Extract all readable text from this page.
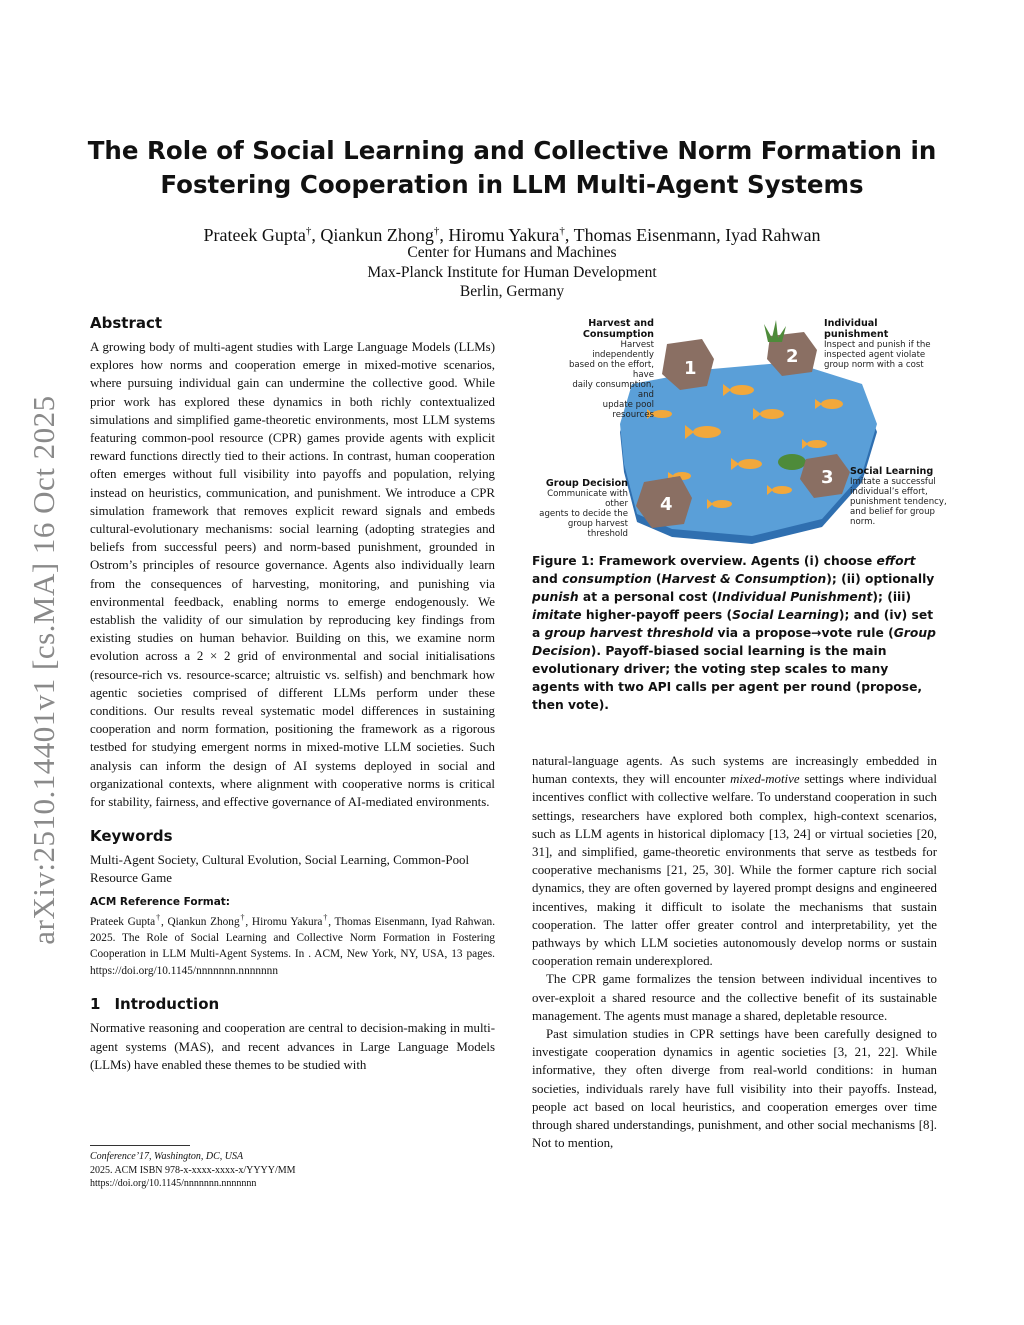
arXiv:2510.14401v1 [cs.MA] 16 Oct 2025
The Role of Social Learning and Collective Norm Formation in
Fostering Cooperation in LLM Multi-Agent Systems
Prateek Gupta†, Qiankun Zhong†, Hiromu Yakura†, Thomas Eisenmann, Iyad Rahwan
Center for Humans and Machines
Max-Planck Institute for Human Development
Berlin, Germany
Abstract

A growing body of multi-agent studies with Large Language Models (LLMs) explores how norms and cooperation emerge in mixed-motive scenarios, where pursuing individual gain can undermine the collective good. While prior work has explored these dynamics in both richly contextualized simulations and simplified game-theoretic environments, most LLM systems featuring common-pool resource (CPR) games provide agents with explicit reward functions directly tied to their actions. In contrast, human cooperation often emerges without full visibility into payoffs and population, relying instead on heuristics, communication, and punishment. We introduce a CPR simulation framework that removes explicit reward signals and embeds cultural-evolutionary mechanisms: social learning (adopting strategies and beliefs from successful peers) and norm-based punishment, grounded in Ostrom’s principles of resource governance. Agents also individually learn from the consequences of harvesting, monitoring, and punishing via environmental feedback, enabling norms to emerge endogenously. We establish the validity of our simulation by reproducing key findings from existing studies on human behavior. Building on this, we examine norm evolution across a 2 × 2 grid of environmental and social initialisations (resource-rich vs. resource-scarce; altruistic vs. selfish) and benchmark how agentic societies comprised of different LLMs perform under these conditions. Our results reveal systematic model differences in sustaining cooperation and norm formation, positioning the framework as a rigorous testbed for studying emergent norms in mixed-motive LLM societies. Such analysis can inform the design of AI systems deployed in social and organizational contexts, where alignment with cooperative norms is critical for stability, fairness, and effective governance of AI-mediated environments.

Keywords

Multi-Agent Society, Cultural Evolution, Social Learning, Common-Pool Resource Game

ACM Reference Format:

Prateek Gupta†, Qiankun Zhong†, Hiromu Yakura†, Thomas Eisenmann, Iyad Rahwan. 2025. The Role of Social Learning and Collective Norm Formation in Fostering Cooperation in LLM Multi-Agent Systems. In . ACM, New York, NY, USA, 13 pages. https://doi.org/10.1145/nnnnnnn.nnnnnnn

1 Introduction

Normative reasoning and cooperation are central to decision-making in multi-agent systems (MAS), and recent advances in Large Language Models (LLMs) have enabled these themes to be studied with

Conference’17, Washington, DC, USA
2025. ACM ISBN 978-x-xxxx-xxxx-x/YYYY/MM
https://doi.org/10.1145/nnnnnnn.nnnnnnn
1
2
3
4
Harvest and
Consumption
Harvest independently
based on the effort, have
daily consumption, and
update pool resources
Individual
punishment
Inspect and punish if the
inspected agent violate
group norm with a cost
Social Learning
Imitate a successful
individual’s effort,
punishment tendency,
and belief for group
norm.
Group Decision
Communicate with other
agents to decide the
group harvest threshold
Figure 1: Framework overview. Agents (i) choose effort and consumption (Harvest & Consumption); (ii) optionally punish at a personal cost (Individual Punishment); (iii) imitate higher-payoff peers (Social Learning); and (iv) set a group harvest threshold via a propose→vote rule (Group Decision). Payoff-biased social learning is the main evolutionary driver; the voting step scales to many agents with two API calls per agent per round (propose, then vote).

natural-language agents. As such systems are increasingly embedded in human contexts, they will encounter mixed-motive settings where individual incentives conflict with collective welfare. To understand cooperation in such settings, researchers have explored both complex, high-context scenarios, such as LLM agents in historical diplomacy [13, 24] or virtual societies [20, 31], and simplified, game-theoretic environments that serve as testbeds for cooperative mechanisms [21, 25, 30]. While the former capture rich social dynamics, they are often governed by layered prompt designs and engineered incentives, making it difficult to isolate the mechanisms that sustain cooperation. The latter offer greater control and interpretability, yet the pathways by which LLM societies autonomously develop norms or sustain cooperation remain underexplored.

The CPR game formalizes the tension between individual incentives to over-exploit a shared resource and the collective benefit of its sustainable management. The agents must manage a shared, depletable resource.

Past simulation studies in CPR settings have been carefully designed to investigate cooperation dynamics in agentic societies [3, 21, 22]. While informative, they often diverge from real-world conditions: in human societies, individuals rarely have full visibility into their payoffs. Instead, people act based on local heuristics, and cooperation emerges over time through shared understandings, punishment, and other social mechanisms [8]. Not to mention,
